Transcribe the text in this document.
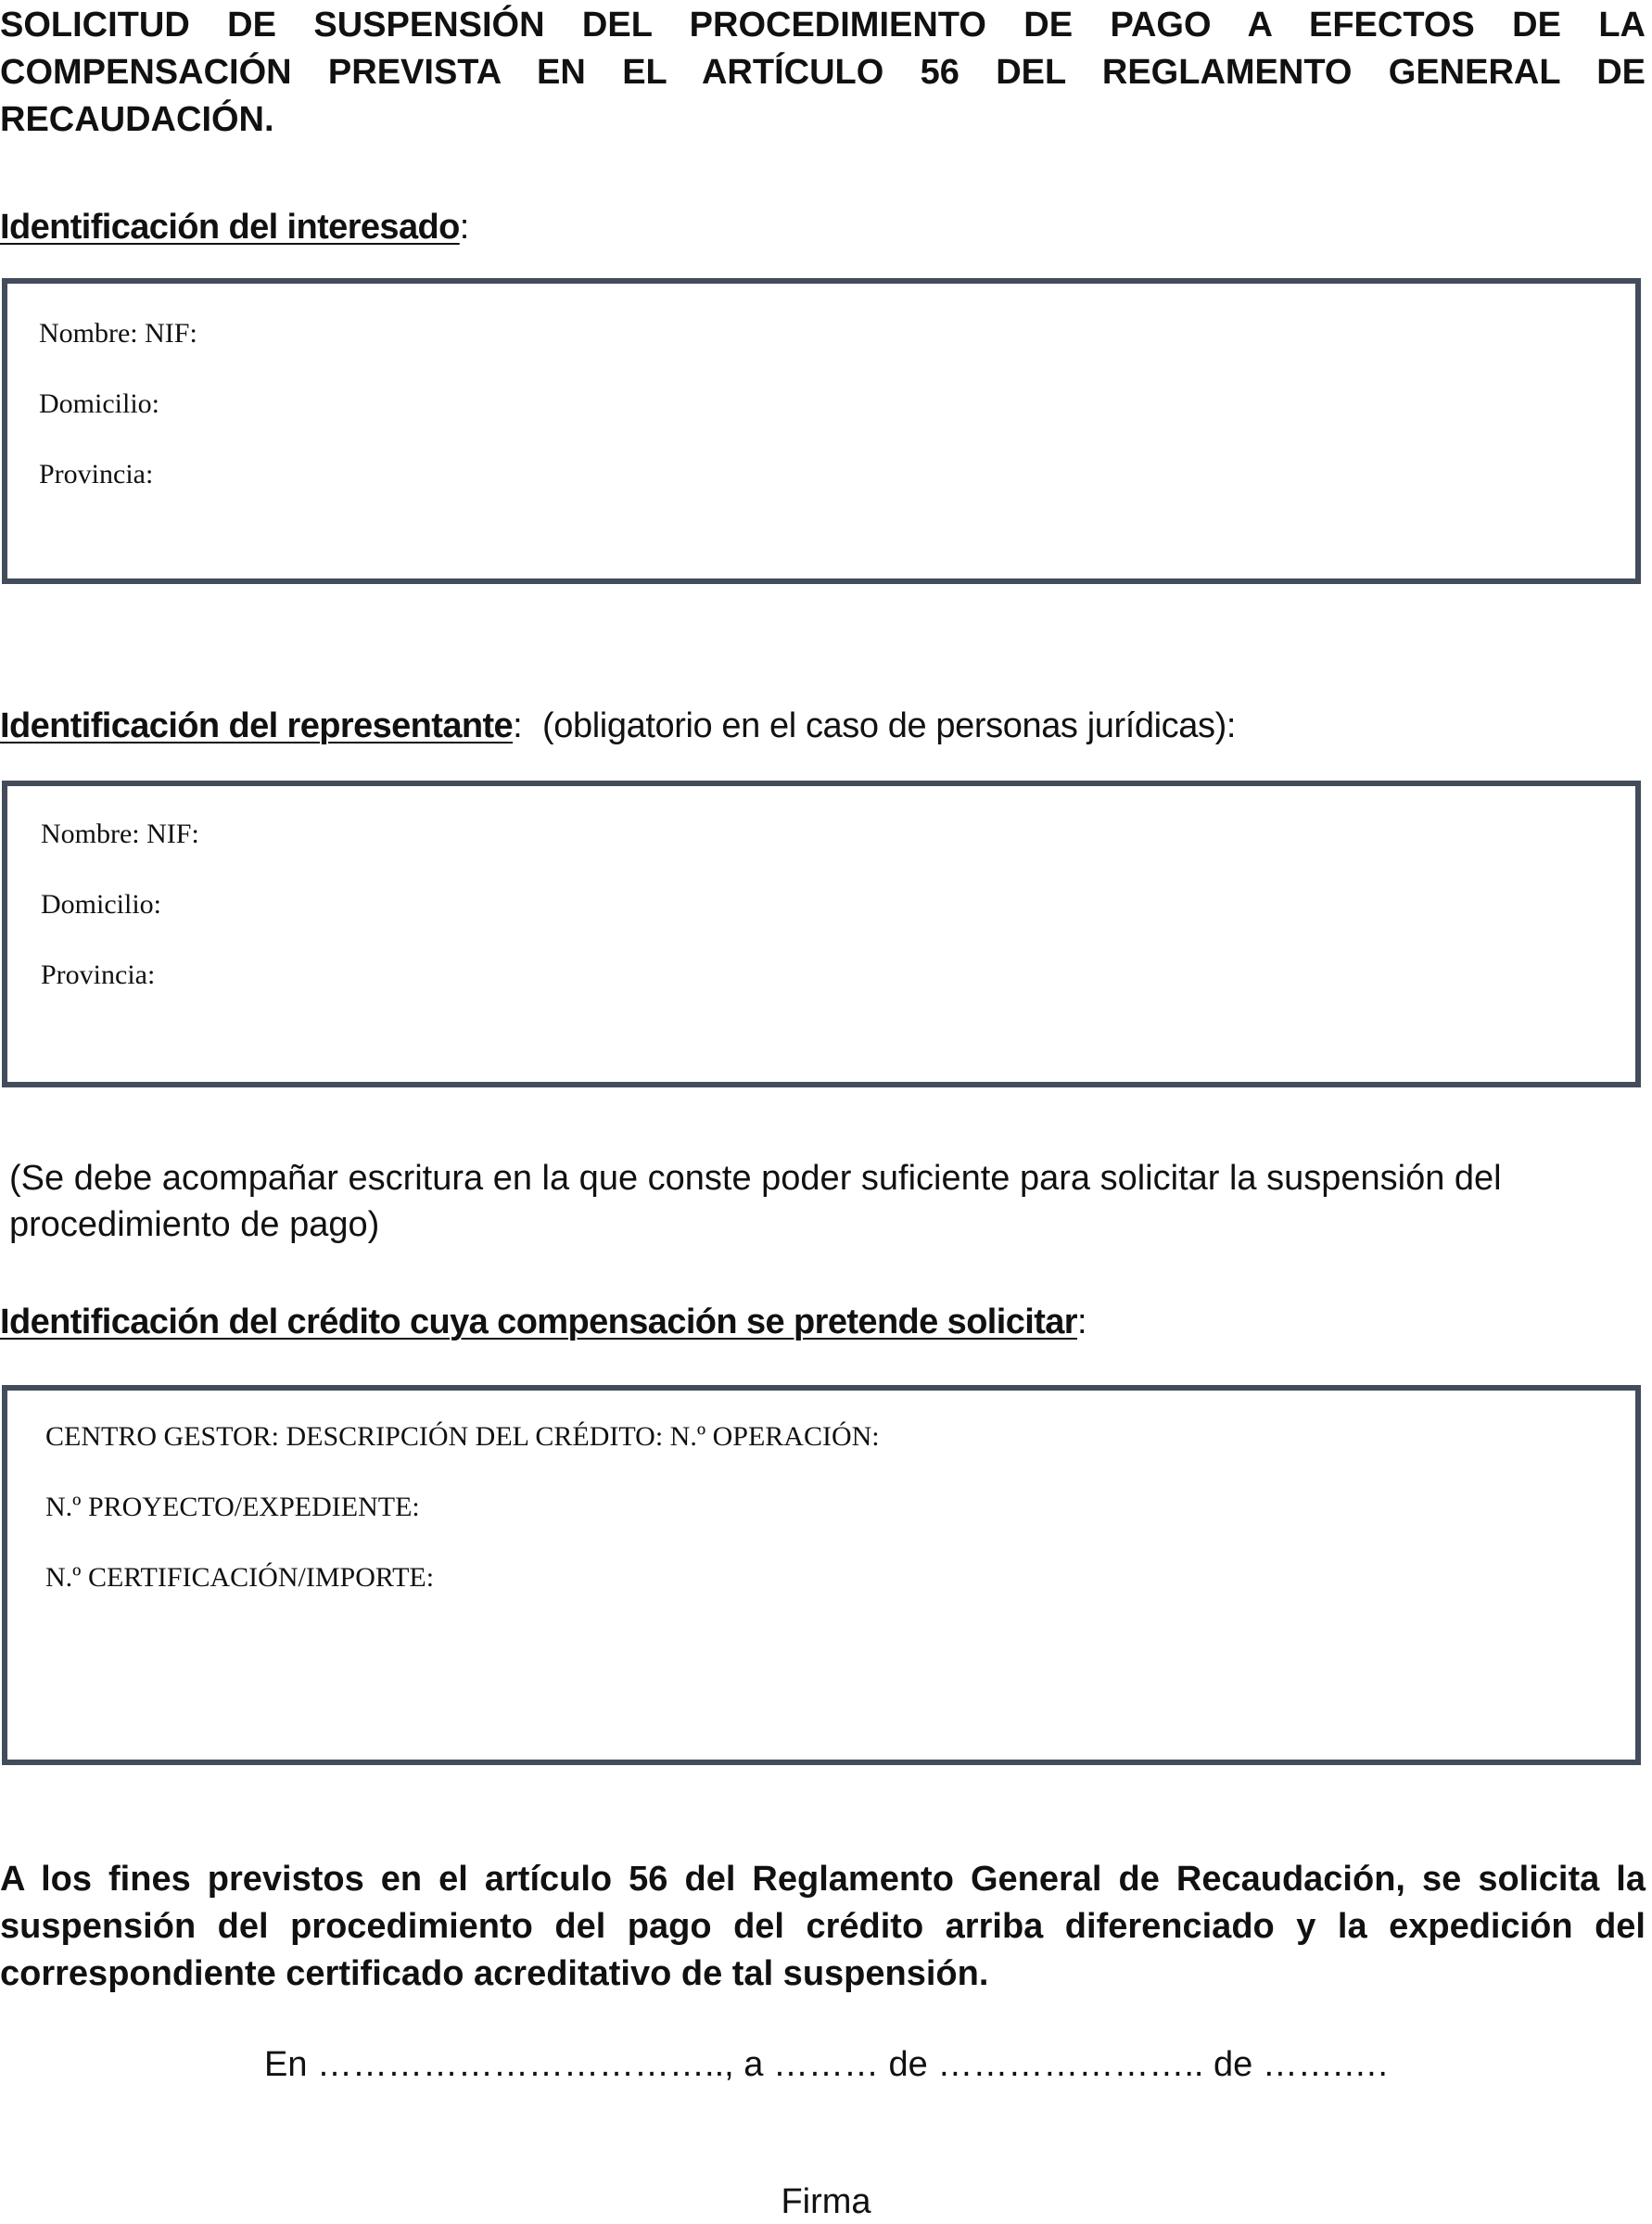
SOLICITUD DE SUSPENSIÓN DEL PROCEDIMIENTO DE PAGO A EFECTOS DE LA COMPENSACIÓN PREVISTA EN EL ARTÍCULO 56 DEL REGLAMENTO GENERAL DE RECAUDACIÓN.

Identificación del interesado:

Nombre: NIF:

Domicilio:

Provincia:

Identificación del representante: (obligatorio en el caso de personas jurídicas):

Nombre: NIF:

Domicilio:

Provincia:

(Se debe acompañar escritura en la que conste poder suficiente para solicitar la suspensión del procedimiento de pago)

Identificación del crédito cuya compensación se pretende solicitar:

CENTRO GESTOR: DESCRIPCIÓN DEL CRÉDITO: N.º OPERACIÓN:

N.º PROYECTO/EXPEDIENTE:

N.º CERTIFICACIÓN/IMPORTE:

A los fines previstos en el artículo 56 del Reglamento General de Recaudación, se solicita la suspensión del procedimiento del pago del crédito arriba diferenciado y la expedición del correspondiente certificado acreditativo de tal suspensión.

En …………………………….., a ……… de ………………….. de …….….

Firma
